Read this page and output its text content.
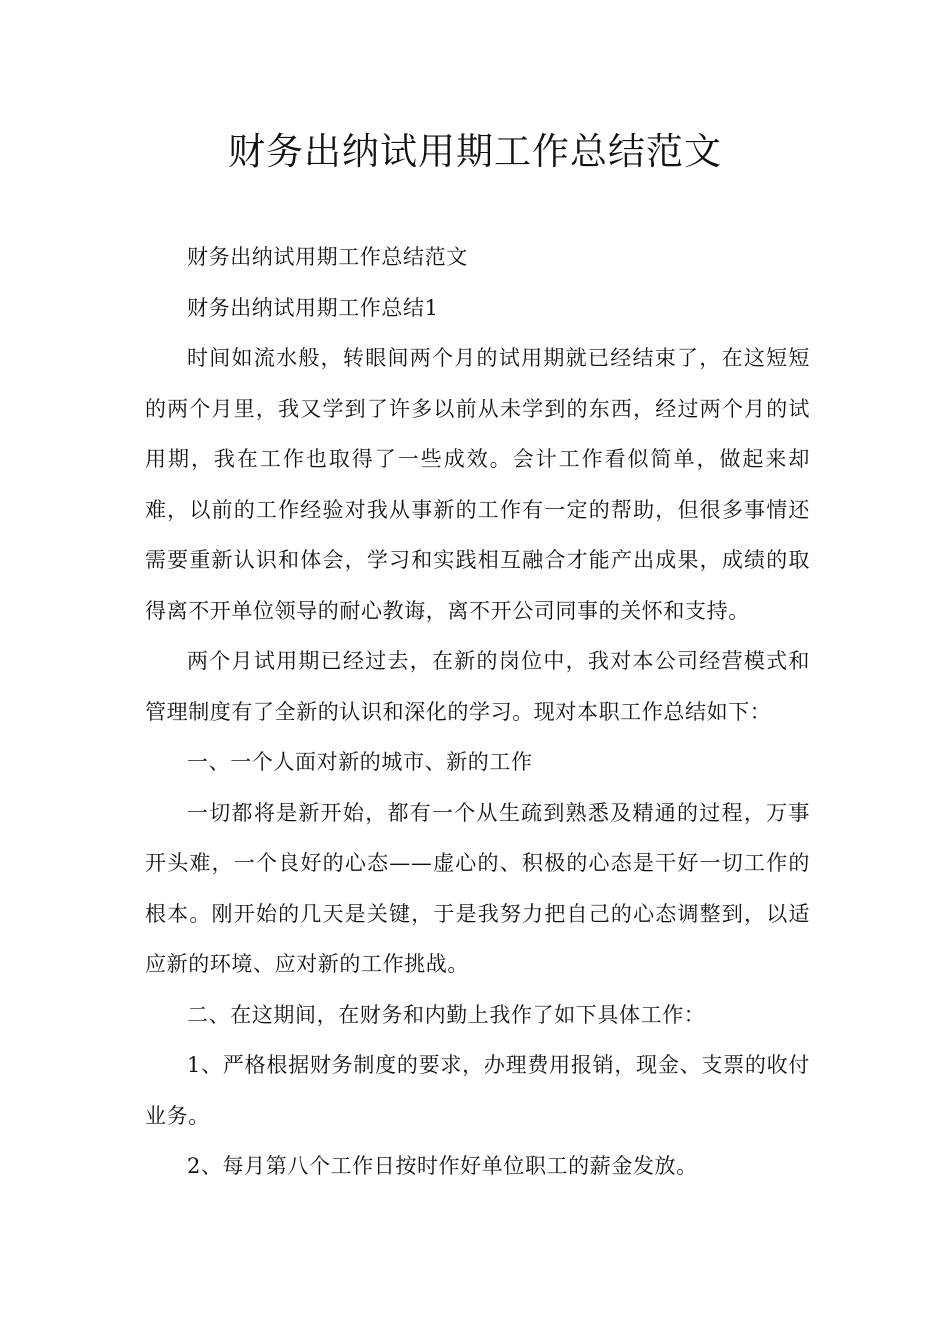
财务出纳试用期工作总结范文

财务出纳试用期工作总结范文

财务出纳试用期工作总结1

时间如流水般，转眼间两个月的试用期就已经结束了，在这短短的两个月里，我又学到了许多以前从未学到的东西，经过两个月的试用期，我在工作也取得了一些成效。会计工作看似简单，做起来却难，以前的工作经验对我从事新的工作有一定的帮助，但很多事情还需要重新认识和体会，学习和实践相互融合才能产出成果，成绩的取得离不开单位领导的耐心教诲，离不开公司同事的关怀和支持。

两个月试用期已经过去，在新的岗位中，我对本公司经营模式和管理制度有了全新的认识和深化的学习。现对本职工作总结如下：

一、一个人面对新的城市、新的工作

一切都将是新开始，都有一个从生疏到熟悉及精通的过程，万事开头难，一个良好的心态——虚心的、积极的心态是干好一切工作的根本。刚开始的几天是关键，于是我努力把自己的心态调整到，以适应新的环境、应对新的工作挑战。

二、在这期间，在财务和内勤上我作了如下具体工作：

1、严格根据财务制度的要求，办理费用报销，现金、支票的收付业务。

2、每月第八个工作日按时作好单位职工的薪金发放。
